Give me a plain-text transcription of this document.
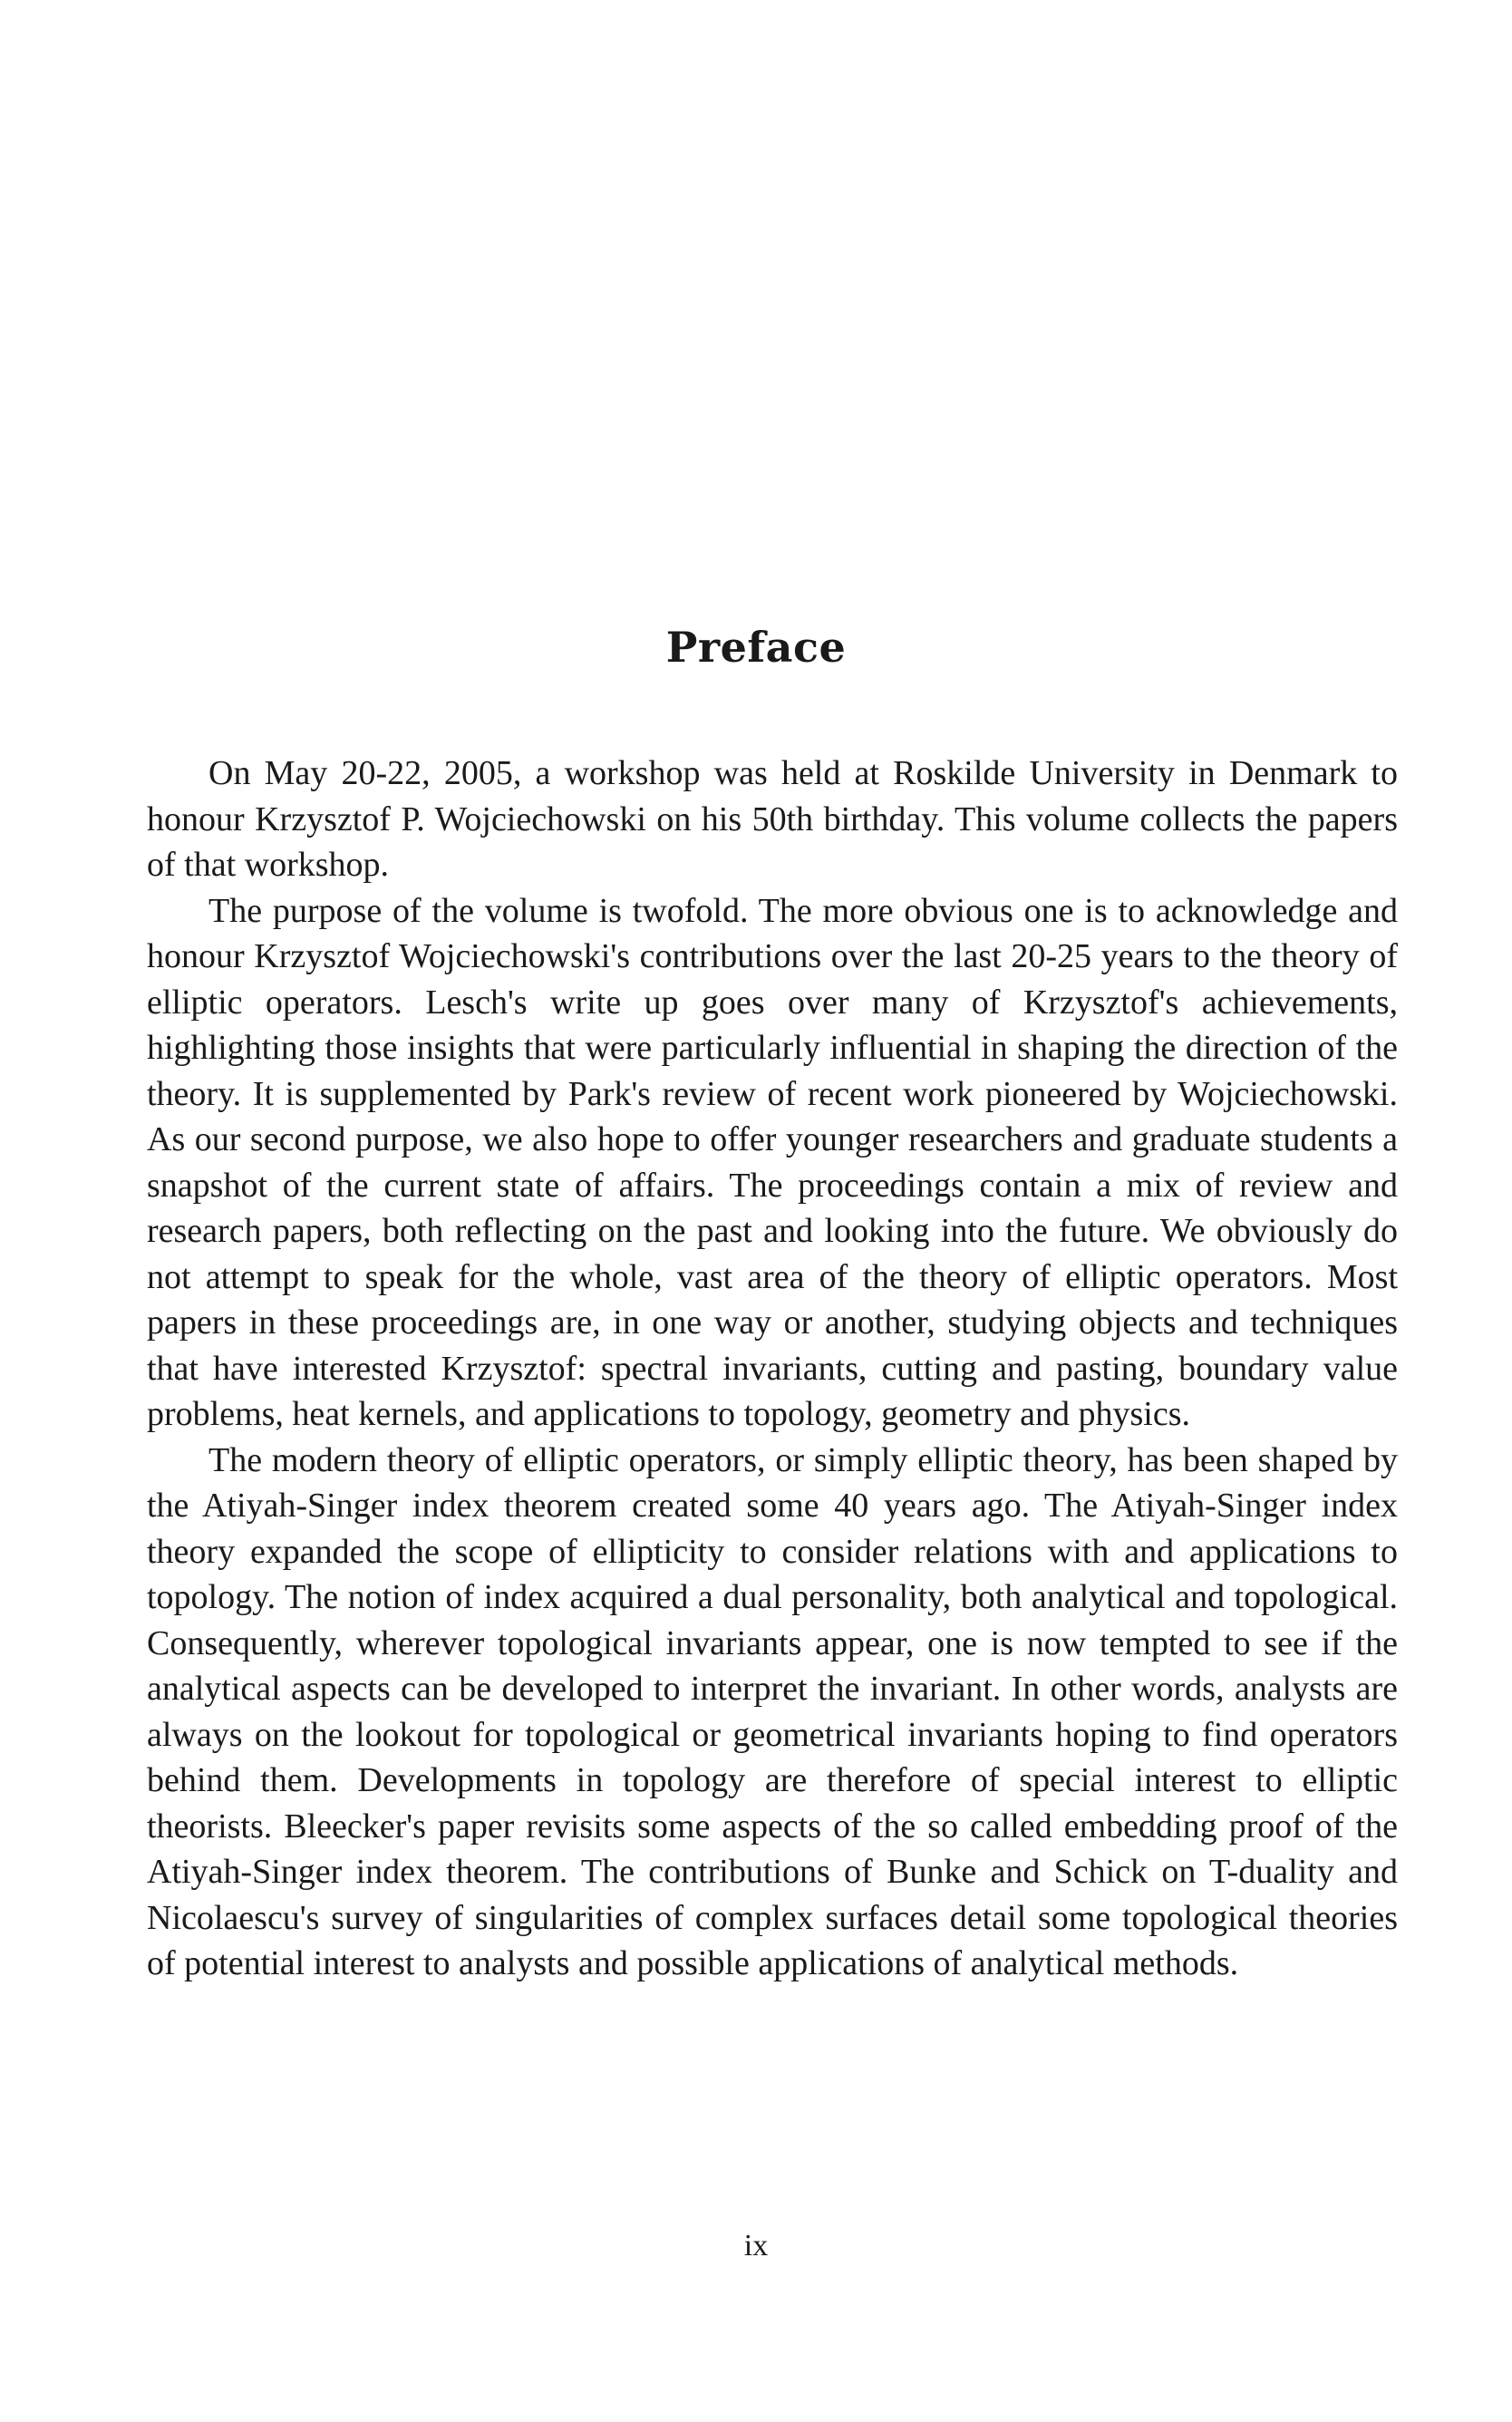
Preface

On May 20-22, 2005, a workshop was held at Roskilde University in Denmark to honour Krzysztof P. Wojciechowski on his 50th birthday. This volume collects the papers of that workshop.

The purpose of the volume is twofold. The more obvious one is to acknowledge and honour Krzysztof Wojciechowski's contributions over the last 20-25 years to the theory of elliptic operators. Lesch's write up goes over many of Krzysztof's achievements, highlighting those insights that were particularly influential in shaping the direction of the theory. It is supplemented by Park's review of recent work pioneered by Wojciechowski. As our second purpose, we also hope to offer younger researchers and graduate students a snapshot of the current state of affairs. The proceedings contain a mix of review and research papers, both reflecting on the past and looking into the future. We obviously do not attempt to speak for the whole, vast area of the theory of elliptic operators. Most papers in these proceedings are, in one way or another, studying objects and techniques that have interested Krzysztof: spectral invariants, cutting and pasting, boundary value problems, heat kernels, and applications to topology, geometry and physics.

The modern theory of elliptic operators, or simply elliptic theory, has been shaped by the Atiyah-Singer index theorem created some 40 years ago. The Atiyah-Singer index theory expanded the scope of ellipticity to consider relations with and applications to topology. The notion of index acquired a dual personality, both analytical and topological. Consequently, wherever topological invariants appear, one is now tempted to see if the analytical aspects can be developed to interpret the invariant. In other words, analysts are always on the lookout for topological or geometrical invariants hoping to find operators behind them. Developments in topology are therefore of special interest to elliptic theorists. Bleecker's paper revisits some aspects of the so called embedding proof of the Atiyah-Singer index theorem. The contributions of Bunke and Schick on T-duality and Nicolaescu's survey of singularities of complex surfaces detail some topological theories of potential interest to analysts and possible applications of analytical methods.

ix
